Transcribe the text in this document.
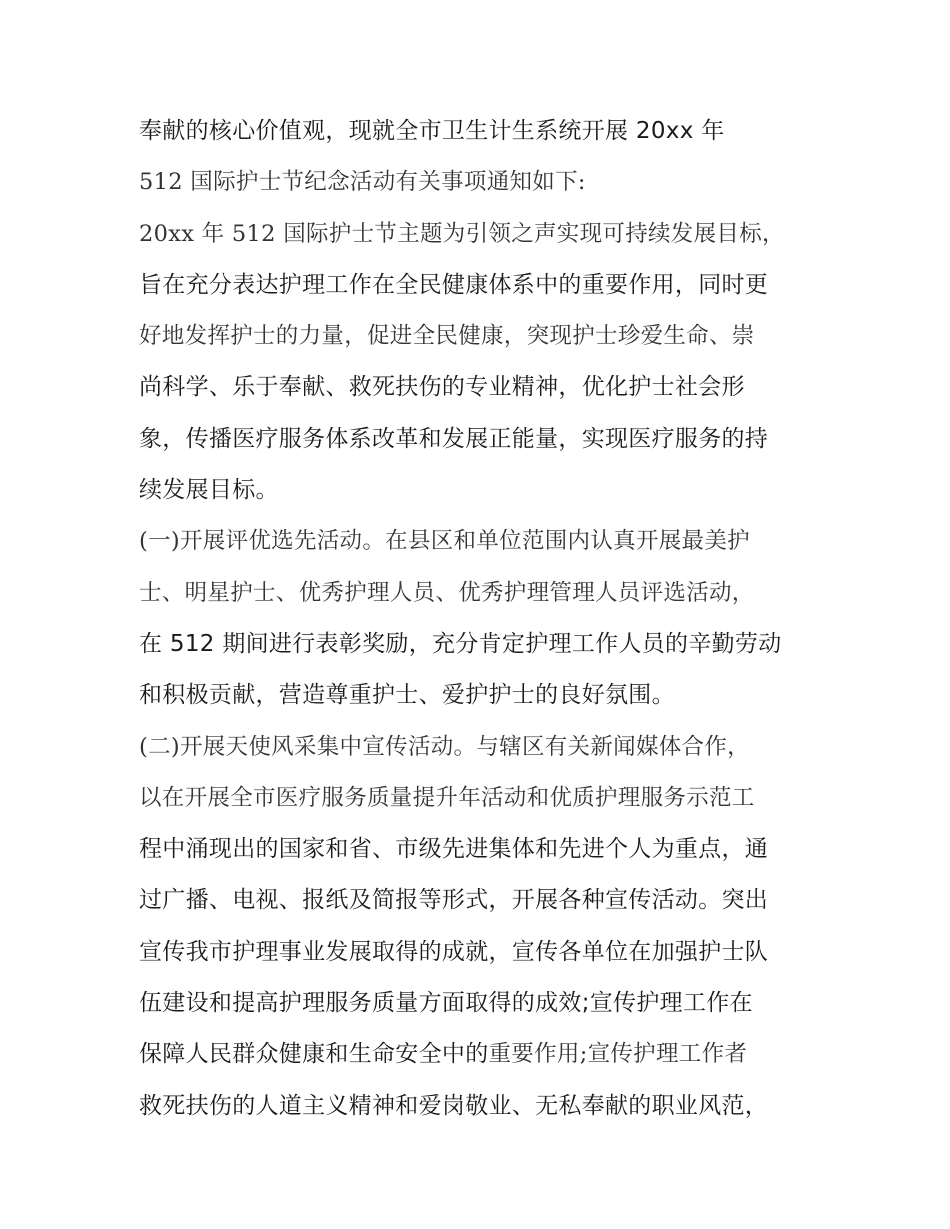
奉献的核心价值观，现就全市卫生计生系统开展 20xx 年
512 国际护士节纪念活动有关事项通知如下:
20xx 年 512 国际护士节主题为引领之声实现可持续发展目标，
旨在充分表达护理工作在全民健康体系中的重要作用，同时更
好地发挥护士的力量，促进全民健康，突现护士珍爱生命、崇
尚科学、乐于奉献、救死扶伤的专业精神，优化护士社会形
象，传播医疗服务体系改革和发展正能量，实现医疗服务的持
续发展目标。
(一)开展评优选先活动。在县区和单位范围内认真开展最美护
士、明星护士、优秀护理人员、优秀护理管理人员评选活动，
在 512 期间进行表彰奖励，充分肯定护理工作人员的辛勤劳动
和积极贡献，营造尊重护士、爱护护士的良好氛围。
(二)开展天使风采集中宣传活动。与辖区有关新闻媒体合作，
以在开展全市医疗服务质量提升年活动和优质护理服务示范工
程中涌现出的国家和省、市级先进集体和先进个人为重点，通
过广播、电视、报纸及简报等形式，开展各种宣传活动。突出
宣传我市护理事业发展取得的成就，宣传各单位在加强护士队
伍建设和提高护理服务质量方面取得的成效;宣传护理工作在
保障人民群众健康和生命安全中的重要作用;宣传护理工作者
救死扶伤的人道主义精神和爱岗敬业、无私奉献的职业风范，
